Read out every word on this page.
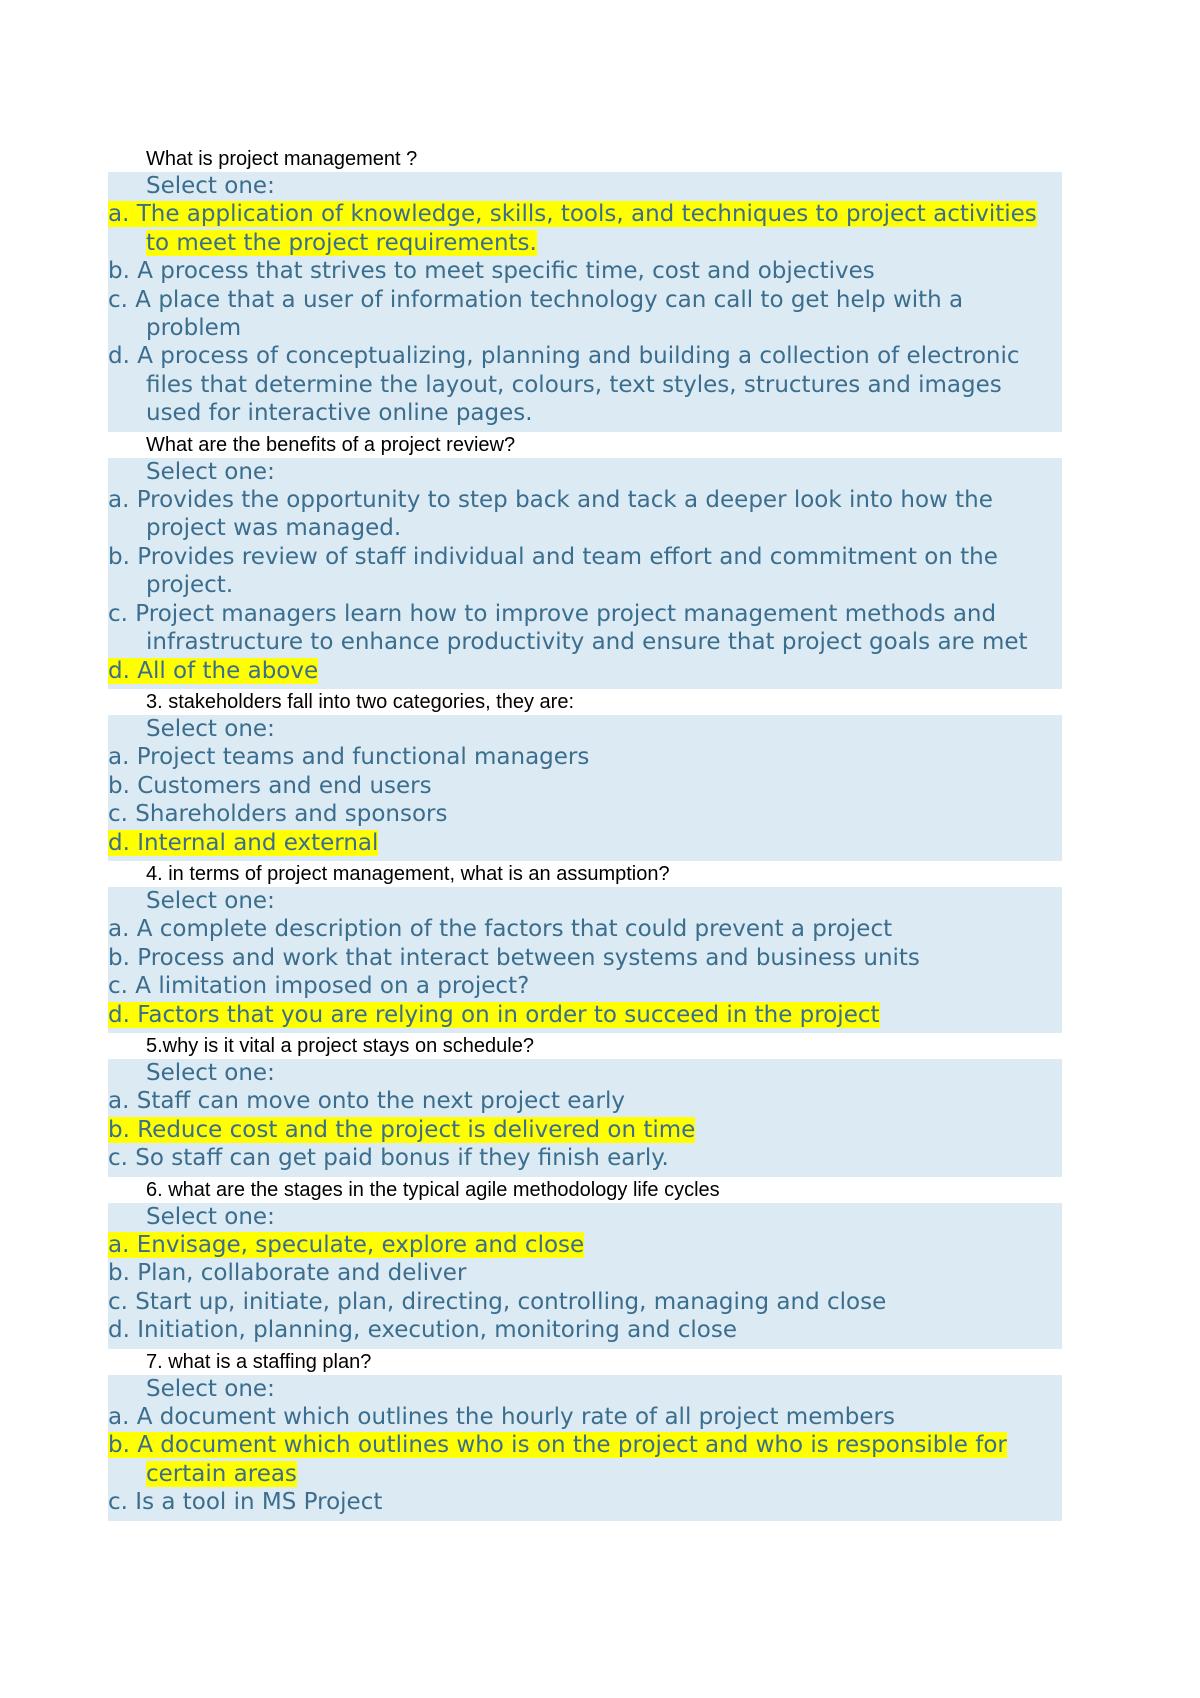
What is project management ?
Select one:
a. The application of knowledge, skills, tools, and techniques to project activities to meet the project requirements.
b. A process that strives to meet specific time, cost and objectives
c. A place that a user of information technology can call to get help with a problem
d. A process of conceptualizing, planning and building a collection of electronic files that determine the layout, colours, text styles, structures and images used for interactive online pages.
What are the benefits of a project review?
Select one:
a. Provides the opportunity to step back and tack a deeper look into how the project was managed.
b. Provides review of staff individual and team effort and commitment on the project.
c. Project managers learn how to improve project management methods and infrastructure to enhance productivity and ensure that project goals are met
d. All of the above
3. stakeholders fall into two categories, they are:
Select one:
a. Project teams and functional managers
b. Customers and end users
c. Shareholders and sponsors
d. Internal and external
4. in terms of project management, what is an assumption?
Select one:
a. A complete description of the factors that could prevent a project
b. Process and work that interact between systems and business units
c. A limitation imposed on a project?
d. Factors that you are relying on in order to succeed in the project
5.why is it vital a project stays on schedule?
Select one:
a. Staff can move onto the next project early
b. Reduce cost and the project is delivered on time
c. So staff can get paid bonus if they finish early.
6. what are the stages in the typical agile methodology life cycles
Select one:
a. Envisage, speculate, explore and close
b. Plan, collaborate and deliver
c. Start up, initiate, plan, directing, controlling, managing and close
d. Initiation, planning, execution, monitoring and close
7. what is a staffing plan?
Select one:
a. A document which outlines the hourly rate of all project members
b. A document which outlines who is on the project and who is responsible for certain areas
c. Is a tool in MS Project
